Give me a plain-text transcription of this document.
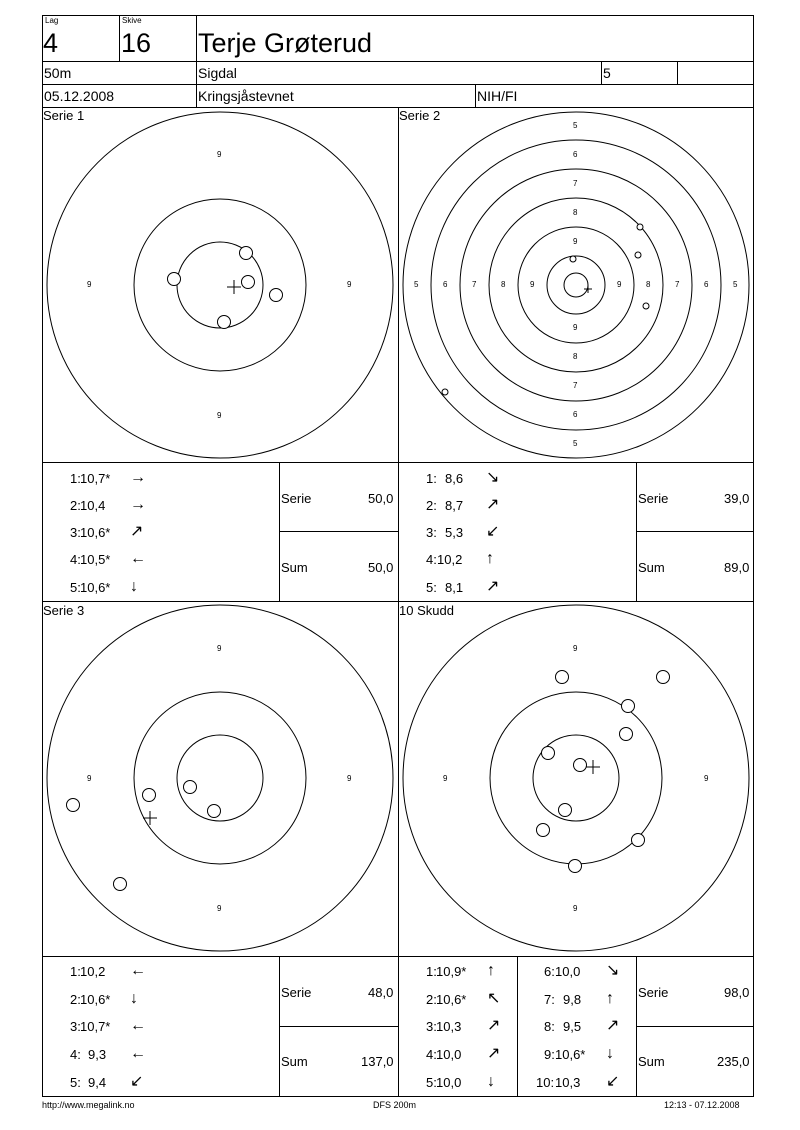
Lag
4
Skive
16 Terje Grøterud
50m	Sigdal	5
05.12.2008	Kringsjåstevnet	NIH/FI
Serie 1	Serie 2
Serie 3	10 Skudd
9
9
9	9
5
6
7
8
9
9
8
7
6
5
5	6	7	8	9	9	8	7	6	5
1: 10,7* →
2: 10,4 →
3: 10,6* ↗
4: 10,5* ←
5: 10,6* ↓
Serie	50,0
Sum	50,0
1: 8,6 ↘
2: 8,7 ↗
3: 5,3 ↙
4: 10,2 ↑
5: 8,1 ↗
Serie	39,0
Sum	89,0
9
9
9	9
9
9
9	9
1: 10,2 ←
2: 10,6* ↓
3: 10,7* ←
4: 9,3 ←
5: 9,4 ↙
Serie	48,0
Sum	137,0
1: 10,9* ↑
2: 10,6* ↖
3: 10,3 ↗
4: 10,0 ↗
5: 10,0 ↓
6: 10,0 ↘
7: 9,8 ↑
8: 9,5 ↗
9: 10,6* ↓
10: 10,3 ↙
Serie	98,0
Sum	235,0
http://www.megalink.no	DFS 200m	12:13 - 07.12.2008
